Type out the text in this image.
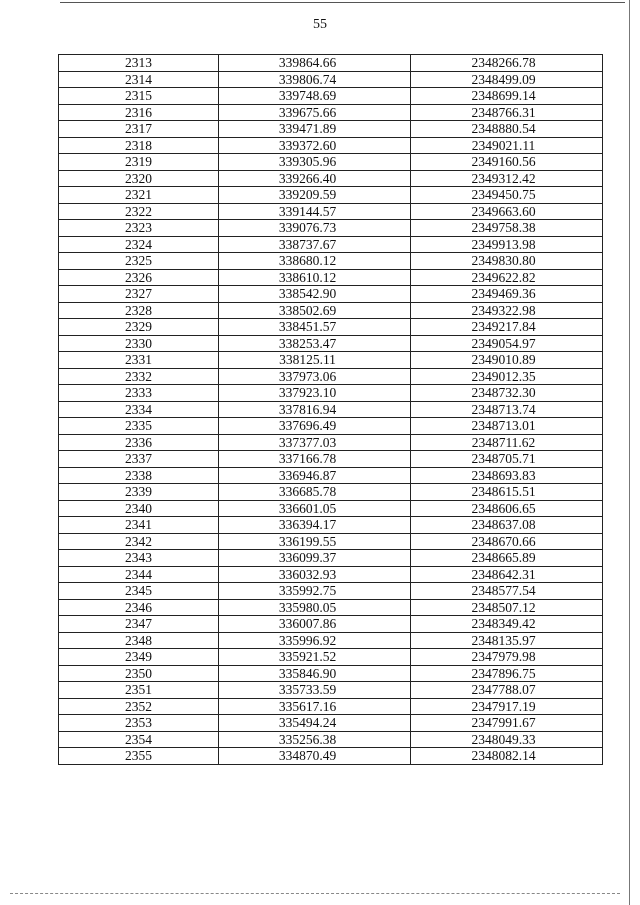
55
2313	339864.66	2348266.78
2314	339806.74	2348499.09
2315	339748.69	2348699.14
2316	339675.66	2348766.31
2317	339471.89	2348880.54
2318	339372.60	2349021.11
2319	339305.96	2349160.56
2320	339266.40	2349312.42
2321	339209.59	2349450.75
2322	339144.57	2349663.60
2323	339076.73	2349758.38
2324	338737.67	2349913.98
2325	338680.12	2349830.80
2326	338610.12	2349622.82
2327	338542.90	2349469.36
2328	338502.69	2349322.98
2329	338451.57	2349217.84
2330	338253.47	2349054.97
2331	338125.11	2349010.89
2332	337973.06	2349012.35
2333	337923.10	2348732.30
2334	337816.94	2348713.74
2335	337696.49	2348713.01
2336	337377.03	2348711.62
2337	337166.78	2348705.71
2338	336946.87	2348693.83
2339	336685.78	2348615.51
2340	336601.05	2348606.65
2341	336394.17	2348637.08
2342	336199.55	2348670.66
2343	336099.37	2348665.89
2344	336032.93	2348642.31
2345	335992.75	2348577.54
2346	335980.05	2348507.12
2347	336007.86	2348349.42
2348	335996.92	2348135.97
2349	335921.52	2347979.98
2350	335846.90	2347896.75
2351	335733.59	2347788.07
2352	335617.16	2347917.19
2353	335494.24	2347991.67
2354	335256.38	2348049.33
2355	334870.49	2348082.14
